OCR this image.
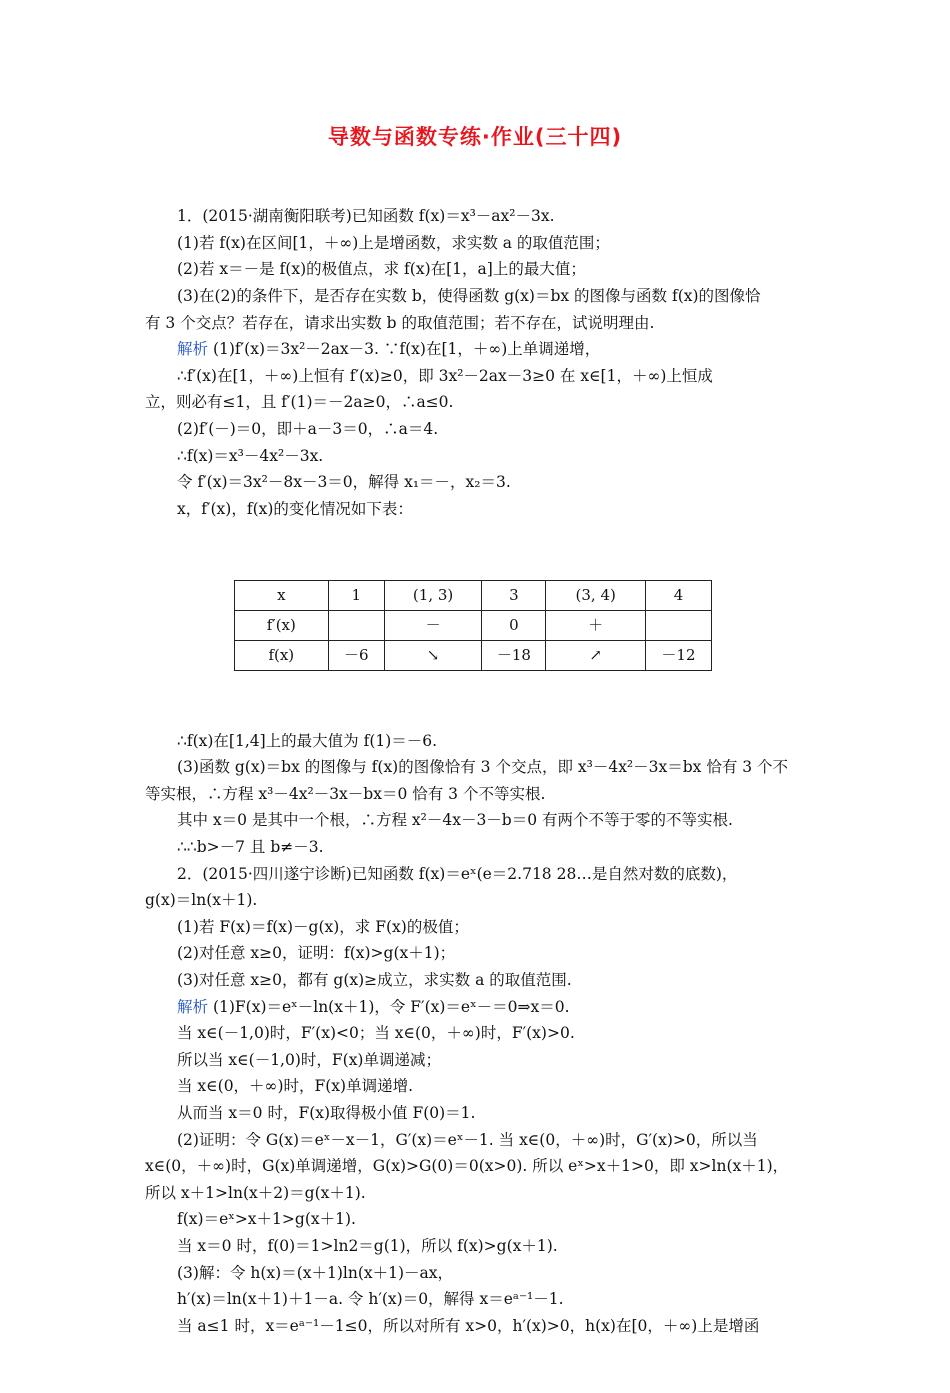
导数与函数专练·作业(三十四)

1．(2015·湖南衡阳联考)已知函数 f(x)＝x³－ax²－3x.
(1)若 f(x)在区间[1，＋∞)上是增函数，求实数 a 的取值范围；
(2)若 x＝－是 f(x)的极值点，求 f(x)在[1，a]上的最大值；
(3)在(2)的条件下，是否存在实数 b，使得函数 g(x)＝bx 的图像与函数 f(x)的图像恰
有 3 个交点？若存在，请求出实数 b 的取值范围；若不存在，试说明理由.
解析 (1)f′(x)＝3x²－2ax－3. ∵f(x)在[1，＋∞)上单调递增，
∴f′(x)在[1，＋∞)上恒有 f′(x)≥0，即 3x²－2ax－3≥0 在 x∈[1，＋∞)上恒成
立，则必有≤1，且 f′(1)＝－2a≥0，∴a≤0.
(2)f′(－)＝0，即＋a－3＝0，∴a＝4.
∴f(x)＝x³－4x²－3x.
令 f′(x)＝3x²－8x－3＝0，解得 x₁＝－，x₂＝3.
x，f′(x)，f(x)的变化情况如下表：

x	1	(1, 3)	3	(3, 4)	4
f′(x)		－	0	＋	
f(x)	－6	↘	－18	↗	－12

∴f(x)在[1,4]上的最大值为 f(1)＝－6.
(3)函数 g(x)＝bx 的图像与 f(x)的图像恰有 3 个交点，即 x³－4x²－3x＝bx 恰有 3 个不
等实根，∴方程 x³－4x²－3x－bx＝0 恰有 3 个不等实根.
其中 x＝0 是其中一个根，∴方程 x²－4x－3－b＝0 有两个不等于零的不等实根.
∴∴b>－7 且 b≠－3.
2．(2015·四川遂宁诊断)已知函数 f(x)＝eˣ(e＝2.718 28…是自然对数的底数)，
g(x)＝ln(x＋1).
(1)若 F(x)＝f(x)－g(x)，求 F(x)的极值；
(2)对任意 x≥0，证明：f(x)>g(x＋1)；
(3)对任意 x≥0，都有 g(x)≥成立，求实数 a 的取值范围.
解析 (1)F(x)＝eˣ－ln(x＋1)，令 F′(x)＝eˣ－＝0⇒x＝0.
当 x∈(－1,0)时，F′(x)<0；当 x∈(0，＋∞)时，F′(x)>0.
所以当 x∈(－1,0)时，F(x)单调递减；
当 x∈(0，＋∞)时，F(x)单调递增.
从而当 x＝0 时，F(x)取得极小值 F(0)＝1.
(2)证明：令 G(x)＝eˣ－x－1，G′(x)＝eˣ－1. 当 x∈(0，＋∞)时，G′(x)>0，所以当
x∈(0，＋∞)时，G(x)单调递增，G(x)>G(0)＝0(x>0). 所以 eˣ>x＋1>0，即 x>ln(x＋1)，
所以 x＋1>ln(x＋2)＝g(x＋1).
f(x)＝eˣ>x＋1>g(x＋1).
当 x＝0 时，f(0)＝1>ln2＝g(1)，所以 f(x)>g(x＋1).
(3)解：令 h(x)＝(x＋1)ln(x＋1)－ax，
h′(x)＝ln(x＋1)＋1－a. 令 h′(x)＝0，解得 x＝eᵃ⁻¹－1.
当 a≤1 时，x＝eᵃ⁻¹－1≤0，所以对所有 x>0，h′(x)>0，h(x)在[0，＋∞)上是增函
